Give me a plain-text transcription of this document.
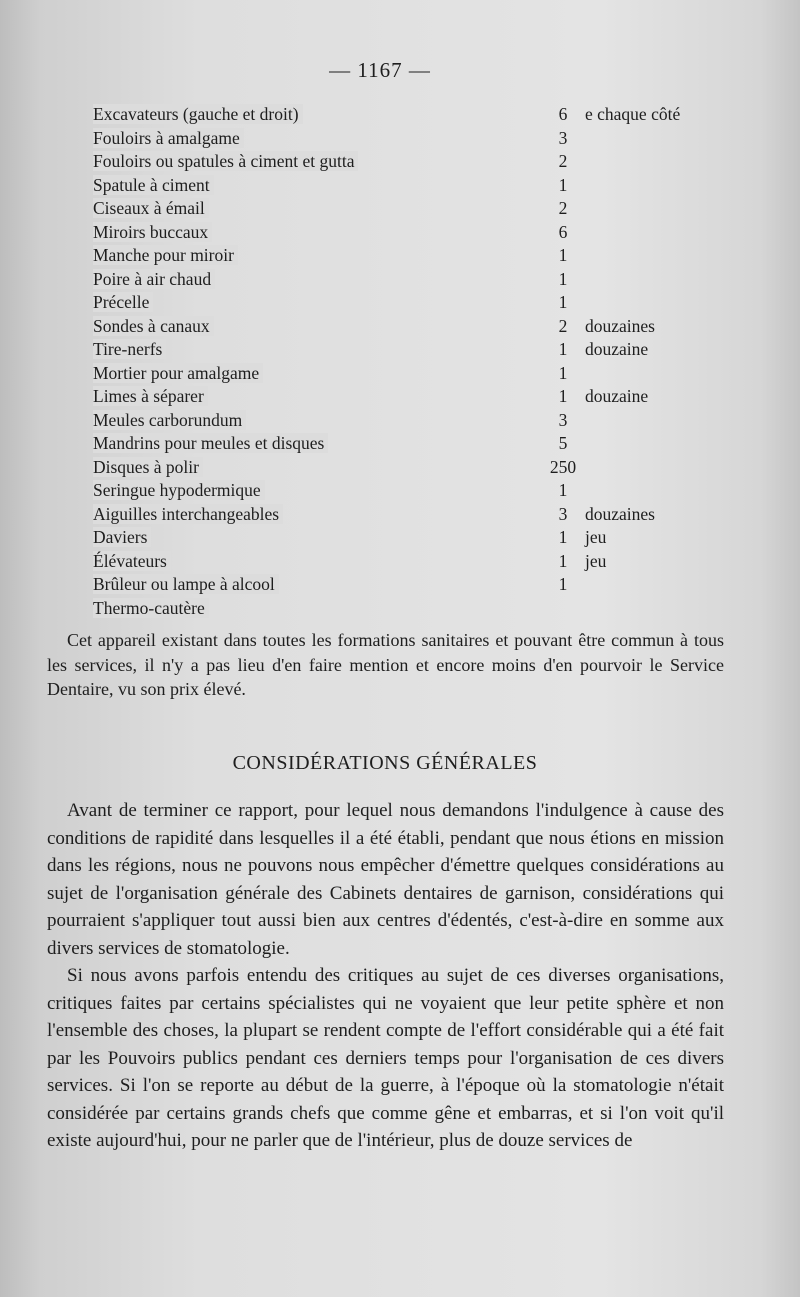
— 1167 —
Excavateurs (gauche et droit)	6	e chaque côté
Fouloirs à amalgame	3
Fouloirs ou spatules à ciment et gutta	2
Spatule à ciment	1
Ciseaux à émail	2
Miroirs buccaux	6
Manche pour miroir	1
Poire à air chaud	1
Précelle	1
Sondes à canaux	2	douzaines
Tire-nerfs	1	douzaine
Mortier pour amalgame	1
Limes à séparer	1	douzaine
Meules carborundum	3
Mandrins pour meules et disques	5
Disques à polir	250
Seringue hypodermique	1
Aiguilles interchangeables	3	douzaines
Daviers	1	jeu
Élévateurs	1	jeu
Brûleur ou lampe à alcool	1
Thermo-cautère

Cet appareil existant dans toutes les formations sanitaires et pouvant être commun à tous les services, il n'y a pas lieu d'en faire mention et encore moins d'en pourvoir le Service Dentaire, vu son prix élevé.

CONSIDÉRATIONS GÉNÉRALES

Avant de terminer ce rapport, pour lequel nous demandons l'indulgence à cause des conditions de rapidité dans lesquelles il a été établi, pendant que nous étions en mission dans les régions, nous ne pouvons nous empêcher d'émettre quelques considérations au sujet de l'organisation générale des Cabinets dentaires de garnison, considérations qui pourraient s'appliquer tout aussi bien aux centres d'édentés, c'est-à-dire en somme aux divers services de stomatologie.

Si nous avons parfois entendu des critiques au sujet de ces diverses organisations, critiques faites par certains spécialistes qui ne voyaient que leur petite sphère et non l'ensemble des choses, la plupart se rendent compte de l'effort considérable qui a été fait par les Pouvoirs publics pendant ces derniers temps pour l'organisation de ces divers services. Si l'on se reporte au début de la guerre, à l'époque où la stomatologie n'était considérée par certains grands chefs que comme gêne et embarras, et si l'on voit qu'il existe aujourd'hui, pour ne parler que de l'intérieur, plus de douze services de
